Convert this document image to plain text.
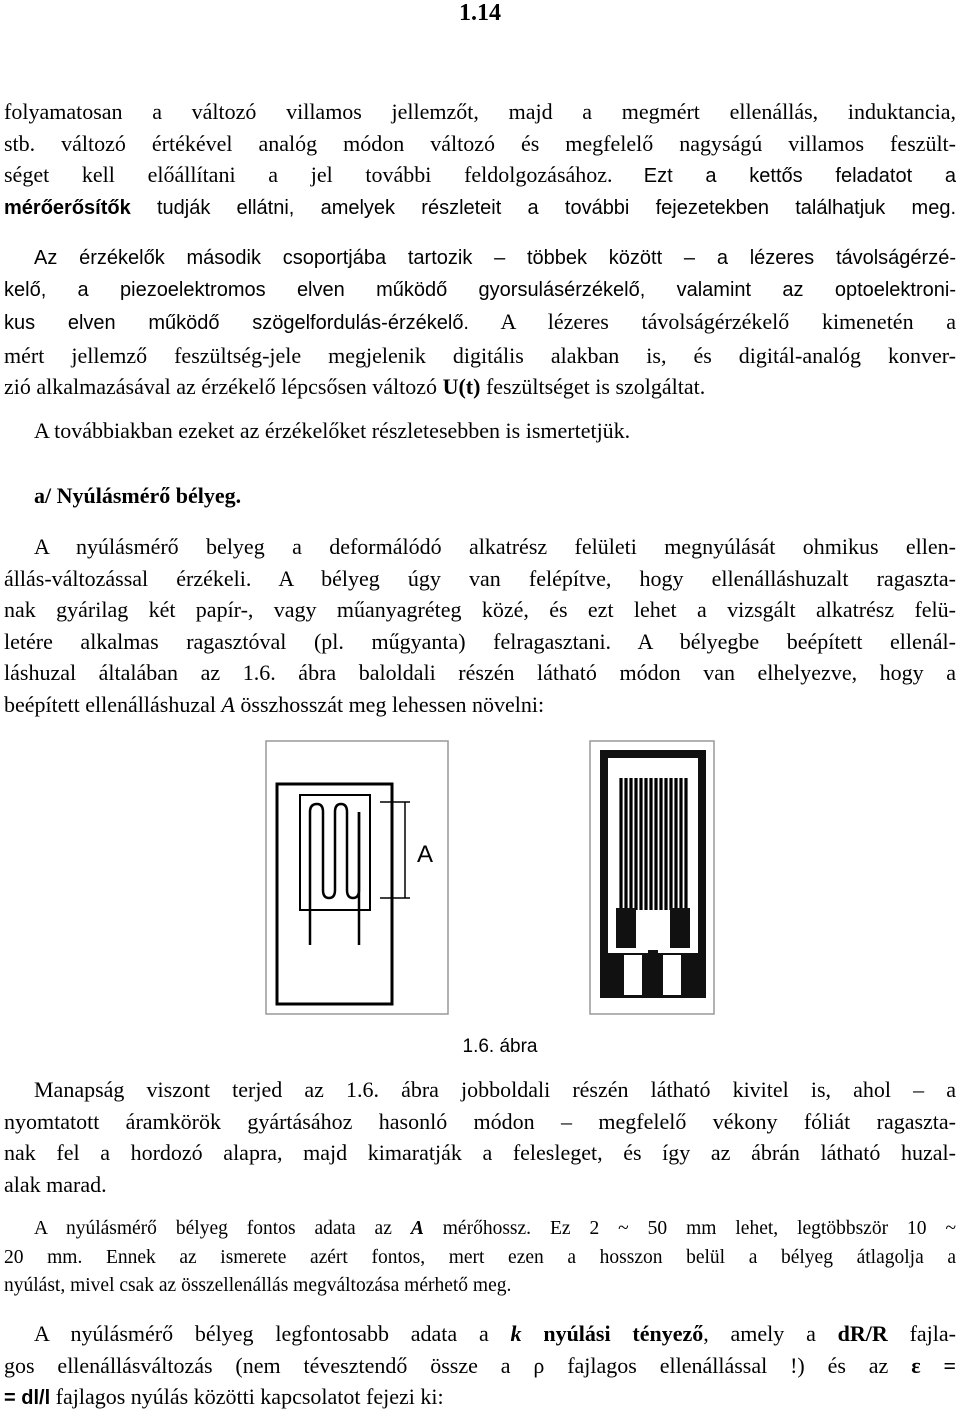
1.14
folyamatosan a változó villamos jellemzőt, majd a megmért ellenállás, induktancia,
stb. változó értékével analóg módon változó és megfelelő nagyságú villamos feszült-
séget kell előállítani a jel további feldolgozásához. Ezt a kettős feladatot a
mérőerősítők tudják ellátni, amelyek részleteit a további fejezetekben találhatjuk meg.
Az érzékelők második csoportjába tartozik – többek között – a lézeres távolságérzé-
kelő, a piezoelektromos elven működő gyorsulásérzékelő, valamint az optoelektroni-
kus elven működő szögelfordulás-érzékelő. A lézeres távolságérzékelő kimenetén a
mért jellemző feszültség-jele megjelenik digitális alakban is, és digitál-analóg konver-
zió alkalmazásával az érzékelő lépcsősen változó U(t) feszültséget is szolgáltat.
A továbbiakban ezeket az érzékelőket részletesebben is ismertetjük.
a/ Nyúlásmérő bélyeg.
A nyúlásmérő belyeg a deformálódó alkatrész felületi megnyúlását ohmikus ellen-
állás-változással érzékeli. A bélyeg úgy van felépítve, hogy ellenálláshuzalt ragaszta-
nak gyárilag két papír-, vagy műanyagréteg közé, és ezt lehet a vizsgált alkatrész felü-
letére alkalmas ragasztóval (pl. műgyanta) felragasztani. A bélyegbe beépített ellenál-
láshuzal általában az 1.6. ábra baloldali részén látható módon van elhelyezve, hogy a
beépített ellenálláshuzal A összhosszát meg lehessen növelni:
A
1.6. ábra
Manapság viszont terjed az 1.6. ábra jobboldali részén látható kivitel is, ahol – a
nyomtatott áramkörök gyártásához hasonló módon – megfelelő vékony fóliát ragaszta-
nak fel a hordozó alapra, majd kimaratják a felesleget, és így az ábrán látható huzal-
alak marad.
A nyúlásmérő bélyeg fontos adata az A mérőhossz. Ez 2 ~ 50 mm lehet, legtöbbször 10 ~
20 mm. Ennek az ismerete azért fontos, mert ezen a hosszon belül a bélyeg átlagolja a
nyúlást, mivel csak az összellenállás megváltozása mérhető meg.
A nyúlásmérő bélyeg legfontosabb adata a k nyúlási tényező, amely a dR/R fajla-
gos ellenállásváltozás (nem tévesztendő össze a ρ fajlagos ellenállással !) és az ε =
= dl/l fajlagos nyúlás közötti kapcsolatot fejezi ki:
